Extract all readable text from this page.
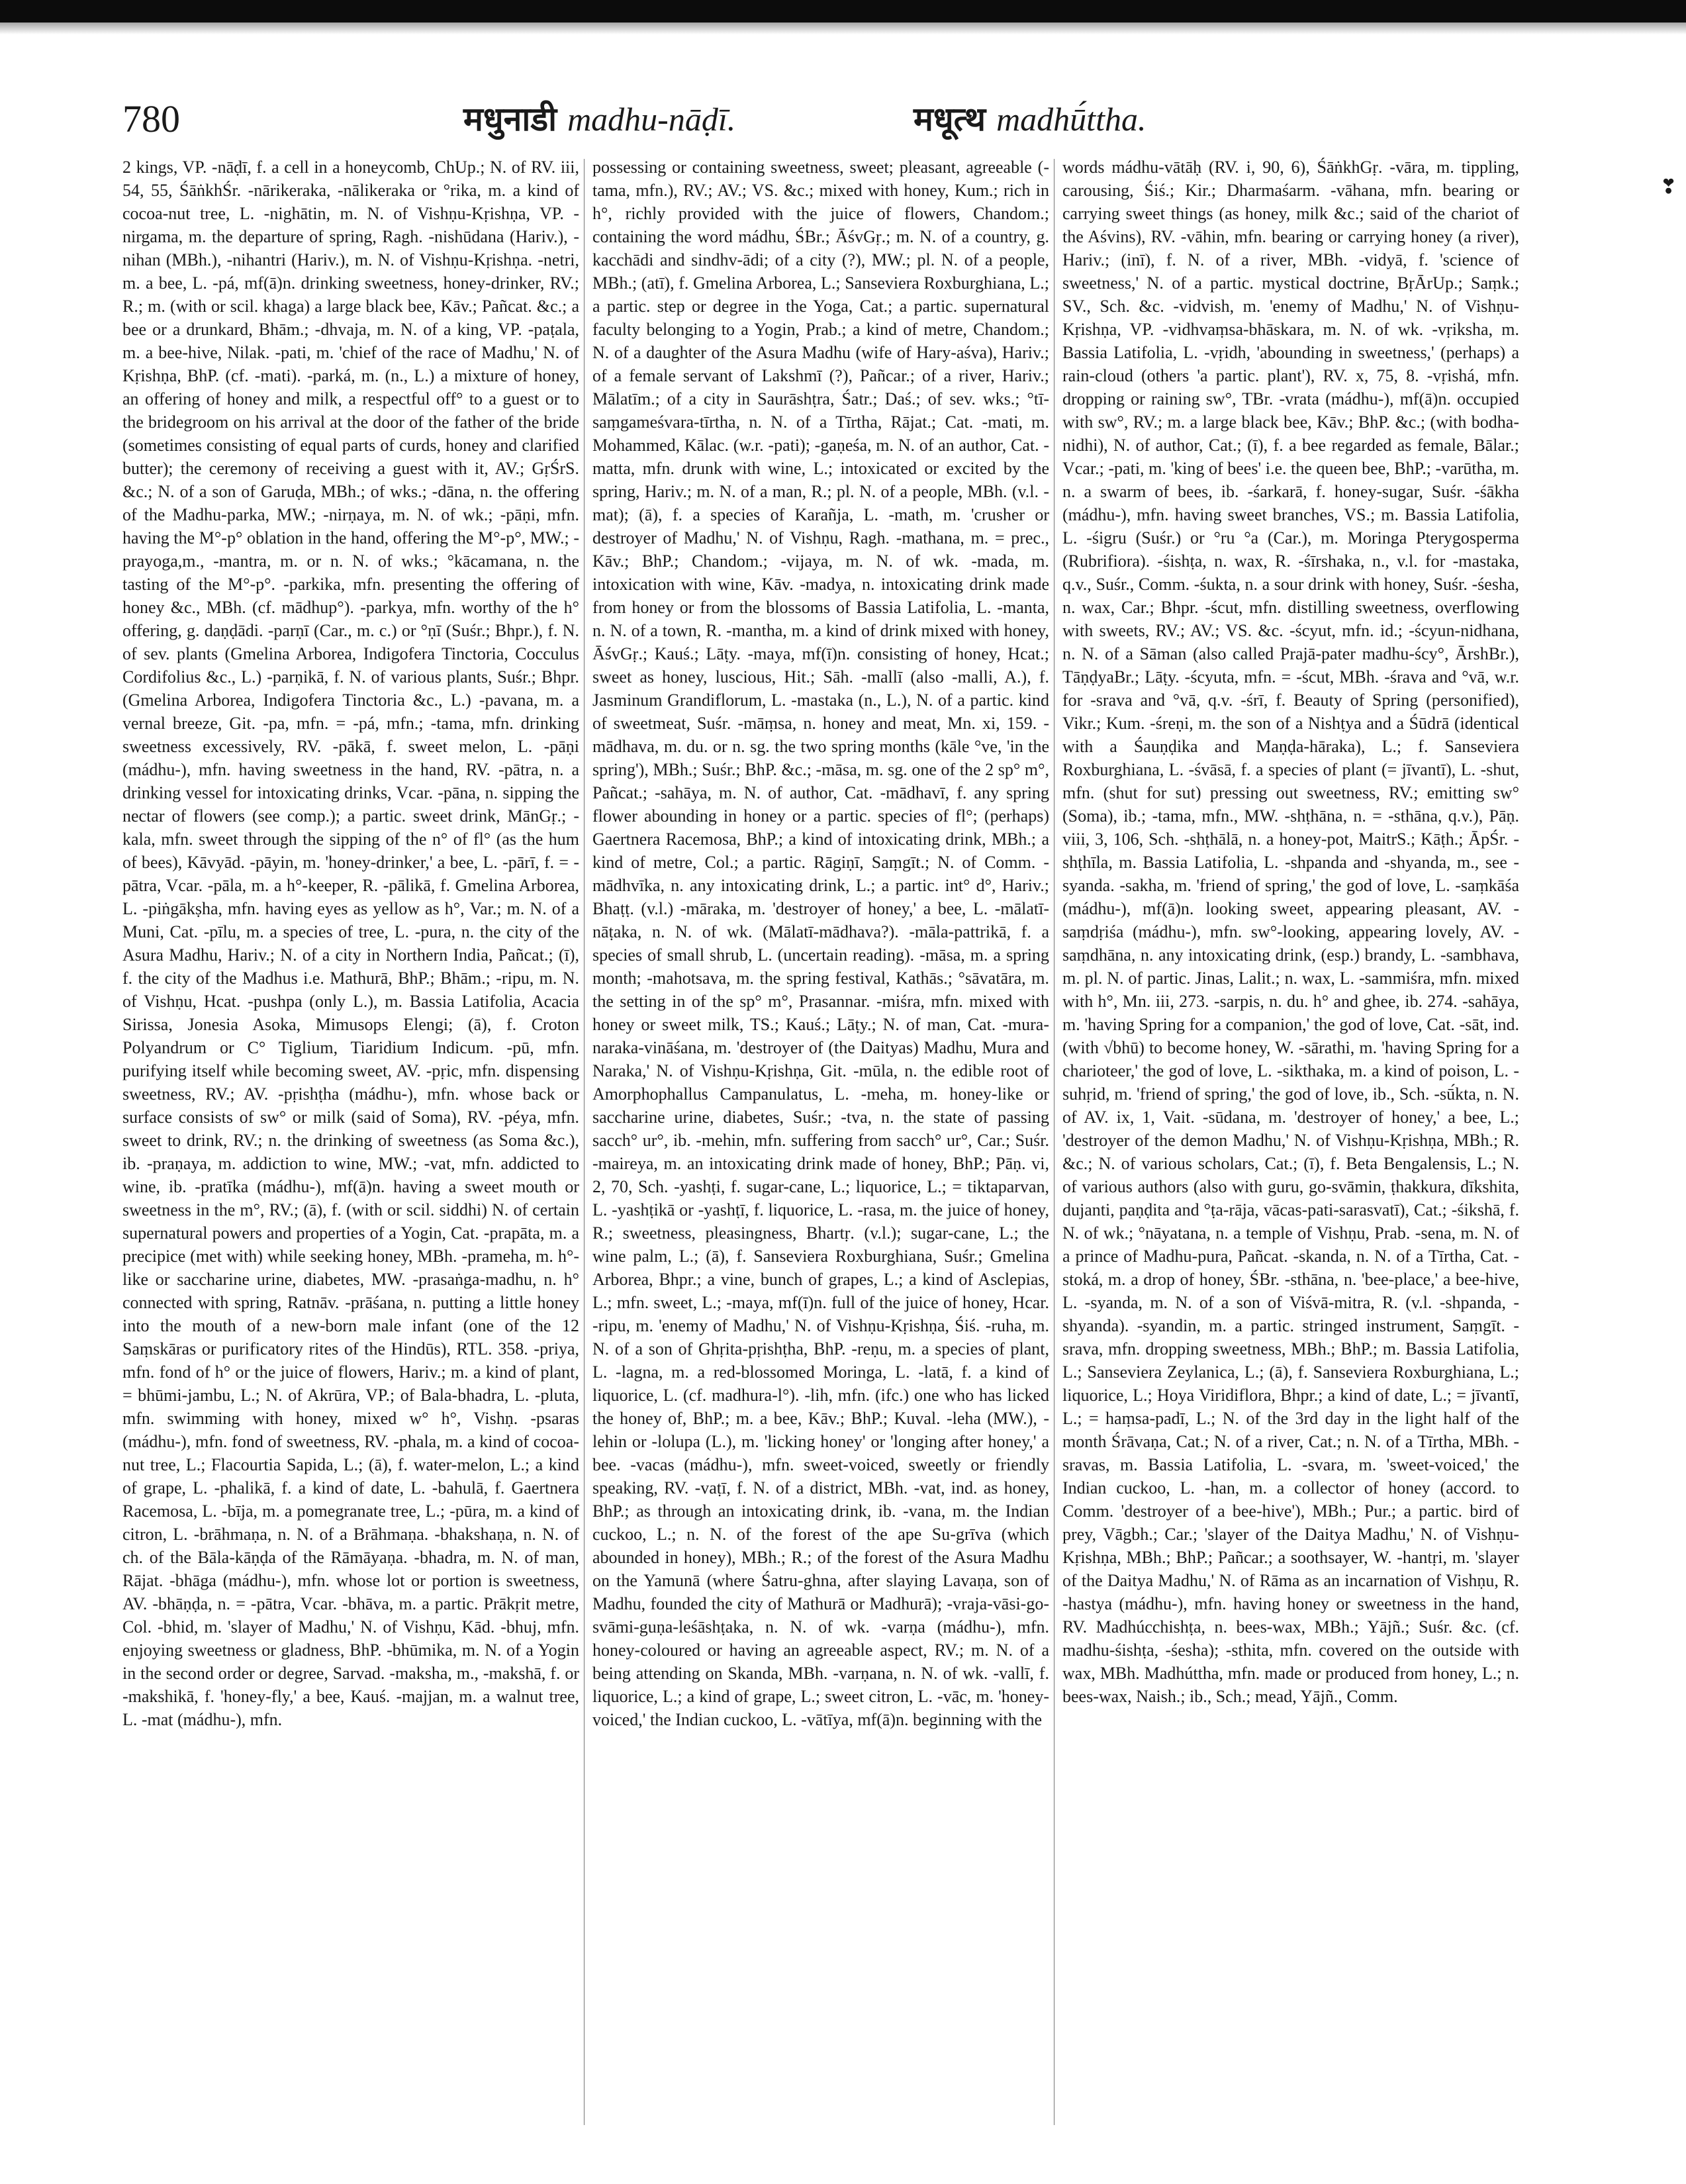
780	मधुनाडी madhu-nāḍī.	मधूत्थ madhū́ttha.
❣

2 kings, VP. -nāḍī, f. a cell in a honeycomb, ChUp.; N. of RV. iii, 54, 55, ŚāṅkhŚr. -nārikeraka, -nālikeraka or °rika, m. a kind of cocoa-nut tree, L. -nighātin, m. N. of Vishṇu-Kṛishṇa, VP. -nirgama, m. the departure of spring, Ragh. -nishūdana (Hariv.), -nihan (MBh.), -nihantri (Hariv.), m. N. of Vishṇu-Kṛishṇa. -netri, m. a bee, L. -pá, mf(ā)n. drinking sweetness, honey-drinker, RV.; R.; m. (with or scil. khaga) a large black bee, Kāv.; Pañcat. &c.; a bee or a drunkard, Bhām.; -dhvaja, m. N. of a king, VP. -paṭala, m. a bee-hive, Nilak. -pati, m. 'chief of the race of Madhu,' N. of Kṛishṇa, BhP. (cf. -mati). -parká, m. (n., L.) a mixture of honey, an offering of honey and milk, a respectful off° to a guest or to the bridegroom on his arrival at the door of the father of the bride (sometimes consisting of equal parts of curds, honey and clarified butter); the ceremony of receiving a guest with it, AV.; GṛŚrS. &c.; N. of a son of Garuḍa, MBh.; of wks.; -dāna, n. the offering of the Madhu-parka, MW.; -nirṇaya, m. N. of wk.; -pāṇi, mfn. having the M°-p° oblation in the hand, offering the M°-p°, MW.; -prayoga,m., -mantra, m. or n. N. of wks.; °kācamana, n. the tasting of the M°-p°. -parkika, mfn. presenting the offering of honey &c., MBh. (cf. mādhup°). -parkya, mfn. worthy of the h° offering, g. daṇḍādi. -parṇī (Car., m. c.) or °ṇī (Suśr.; Bhpr.), f. N. of sev. plants (Gmelina Arborea, Indigofera Tinctoria, Cocculus Cordifolius &c., L.) -parṇikā, f. N. of various plants, Suśr.; Bhpr. (Gmelina Arborea, Indigofera Tinctoria &c., L.) -pavana, m. a vernal breeze, Git. -pa, mfn. = -pá, mfn.; -tama, mfn. drinking sweetness excessively, RV. -pākā, f. sweet melon, L. -pāṇi (mádhu-), mfn. having sweetness in the hand, RV. -pātra, n. a drinking vessel for intoxicating drinks, Vcar. -pāna, n. sipping the nectar of flowers (see comp.); a partic. sweet drink, MānGṛ.; -kala, mfn. sweet through the sipping of the n° of fl° (as the hum of bees), Kāvyād. -pāyin, m. 'honey-drinker,' a bee, L. -pārī, f. = -pātra, Vcar. -pāla, m. a h°-keeper, R. -pālikā, f. Gmelina Arborea, L. -piṅgākṣha, mfn. having eyes as yellow as h°, Var.; m. N. of a Muni, Cat. -pīlu, m. a species of tree, L. -pura, n. the city of the Asura Madhu, Hariv.; N. of a city in Northern India, Pañcat.; (ī), f. the city of the Madhus i.e. Mathurā, BhP.; Bhām.; -ripu, m. N. of Vishṇu, Hcat. -pushpa (only L.), m. Bassia Latifolia, Acacia Sirissa, Jonesia Asoka, Mimusops Elengi; (ā), f. Croton Polyandrum or C° Tiglium, Tiaridium Indicum. -pū, mfn. purifying itself while becoming sweet, AV. -pṛic, mfn. dispensing sweetness, RV.; AV. -pṛishṭha (mádhu-), mfn. whose back or surface consists of sw° or milk (said of Soma), RV. -péya, mfn. sweet to drink, RV.; n. the drinking of sweetness (as Soma &c.), ib. -praṇaya, m. addiction to wine, MW.; -vat, mfn. addicted to wine, ib. -pratīka (mádhu-), mf(ā)n. having a sweet mouth or sweetness in the m°, RV.; (ā), f. (with or scil. siddhi) N. of certain supernatural powers and properties of a Yogin, Cat. -prapāta, m. a precipice (met with) while seeking honey, MBh. -prameha, m. h°-like or saccharine urine, diabetes, MW. -prasaṅga-madhu, n. h° connected with spring, Ratnāv. -prāśana, n. putting a little honey into the mouth of a new-born male infant (one of the 12 Saṃskāras or purificatory rites of the Hindūs), RTL. 358. -priya, mfn. fond of h° or the juice of flowers, Hariv.; m. a kind of plant, = bhūmi-jambu, L.; N. of Akrūra, VP.; of Bala-bhadra, L. -pluta, mfn. swimming with honey, mixed w° h°, Vishṇ. -psaras (mádhu-), mfn. fond of sweetness, RV. -phala, m. a kind of cocoa-nut tree, L.; Flacourtia Sapida, L.; (ā), f. water-melon, L.; a kind of grape, L. -phalikā, f. a kind of date, L. -bahulā, f. Gaertnera Racemosa, L. -bīja, m. a pomegranate tree, L.; -pūra, m. a kind of citron, L. -brāhmaṇa, n. N. of a Brāhmaṇa. -bhakshaṇa, n. N. of ch. of the Bāla-kāṇḍa of the Rāmāyaṇa. -bhadra, m. N. of man, Rājat. -bhāga (mádhu-), mfn. whose lot or portion is sweetness, AV. -bhāṇḍa, n. = -pātra, Vcar. -bhāva, m. a partic. Prākṛit metre, Col. -bhid, m. 'slayer of Madhu,' N. of Vishṇu, Kād. -bhuj, mfn. enjoying sweetness or gladness, BhP. -bhūmika, m. N. of a Yogin in the second order or degree, Sarvad. -maksha, m., -makshā, f. or -makshikā, f. 'honey-fly,' a bee, Kauś. -majjan, m. a walnut tree, L. -mat (mádhu-), mfn.

possessing or containing sweetness, sweet; pleasant, agreeable (-tama, mfn.), RV.; AV.; VS. &c.; mixed with honey, Kum.; rich in h°, richly provided with the juice of flowers, Chandom.; containing the word mádhu, ŚBr.; ĀśvGṛ.; m. N. of a country, g. kacchādi and sindhv-ādi; of a city (?), MW.; pl. N. of a people, MBh.; (atī), f. Gmelina Arborea, L.; Sanseviera Roxburghiana, L.; a partic. step or degree in the Yoga, Cat.; a partic. supernatural faculty belonging to a Yogin, Prab.; a kind of metre, Chandom.; N. of a daughter of the Asura Madhu (wife of Hary-aśva), Hariv.; of a female servant of Lakshmī (?), Pañcar.; of a river, Hariv.; Mālatīm.; of a city in Saurāshṭra, Śatr.; Daś.; of sev. wks.; °tī-saṃgameśvara-tīrtha, n. N. of a Tīrtha, Rājat.; Cat. -mati, m. Mohammed, Kālac. (w.r. -pati); -gaṇeśa, m. N. of an author, Cat. -matta, mfn. drunk with wine, L.; intoxicated or excited by the spring, Hariv.; m. N. of a man, R.; pl. N. of a people, MBh. (v.l. -mat); (ā), f. a species of Karañja, L. -math, m. 'crusher or destroyer of Madhu,' N. of Vishṇu, Ragh. -mathana, m. = prec., Kāv.; BhP.; Chandom.; -vijaya, m. N. of wk. -mada, m. intoxication with wine, Kāv. -madya, n. intoxicating drink made from honey or from the blossoms of Bassia Latifolia, L. -manta, n. N. of a town, R. -mantha, m. a kind of drink mixed with honey, ĀśvGṛ.; Kauś.; Lāṭy. -maya, mf(ī)n. consisting of honey, Hcat.; sweet as honey, luscious, Hit.; Sāh. -mallī (also -malli, A.), f. Jasminum Grandiflorum, L. -mastaka (n., L.), N. of a partic. kind of sweetmeat, Suśr. -māṃsa, n. honey and meat, Mn. xi, 159. -mādhava, m. du. or n. sg. the two spring months (kāle °ve, 'in the spring'), MBh.; Suśr.; BhP. &c.; -māsa, m. sg. one of the 2 sp° m°, Pañcat.; -sahāya, m. N. of author, Cat. -mādhavī, f. any spring flower abounding in honey or a partic. species of fl°; (perhaps) Gaertnera Racemosa, BhP.; a kind of intoxicating drink, MBh.; a kind of metre, Col.; a partic. Rāgiṇī, Saṃgīt.; N. of Comm. -mādhvīka, n. any intoxicating drink, L.; a partic. int° d°, Hariv.; Bhaṭṭ. (v.l.) -māraka, m. 'destroyer of honey,' a bee, L. -mālatī-nāṭaka, n. N. of wk. (Mālatī-mādhava?). -māla-pattrikā, f. a species of small shrub, L. (uncertain reading). -māsa, m. a spring month; -mahotsava, m. the spring festival, Kathās.; °sāvatāra, m. the setting in of the sp° m°, Prasannar. -miśra, mfn. mixed with honey or sweet milk, TS.; Kauś.; Lāṭy.; N. of man, Cat. -mura-naraka-vināśana, m. 'destroyer of (the Daityas) Madhu, Mura and Naraka,' N. of Vishṇu-Kṛishṇa, Git. -mūla, n. the edible root of Amorphophallus Campanulatus, L. -meha, m. honey-like or saccharine urine, diabetes, Suśr.; -tva, n. the state of passing sacch° ur°, ib. -mehin, mfn. suffering from sacch° ur°, Car.; Suśr. -maireya, m. an intoxicating drink made of honey, BhP.; Pāṇ. vi, 2, 70, Sch. -yashṭi, f. sugar-cane, L.; liquorice, L.; = tiktaparvan, L. -yashṭikā or -yashṭī, f. liquorice, L. -rasa, m. the juice of honey, R.; sweetness, pleasingness, Bhartṛ. (v.l.); sugar-cane, L.; the wine palm, L.; (ā), f. Sanseviera Roxburghiana, Suśr.; Gmelina Arborea, Bhpr.; a vine, bunch of grapes, L.; a kind of Asclepias, L.; mfn. sweet, L.; -maya, mf(ī)n. full of the juice of honey, Hcar. -ripu, m. 'enemy of Madhu,' N. of Vishṇu-Kṛishṇa, Śiś. -ruha, m. N. of a son of Ghṛita-pṛishṭha, BhP. -reṇu, m. a species of plant, L. -lagna, m. a red-blossomed Moringa, L. -latā, f. a kind of liquorice, L. (cf. madhura-l°). -lih, mfn. (ifc.) one who has licked the honey of, BhP.; m. a bee, Kāv.; BhP.; Kuval. -leha (MW.), -lehin or -lolupa (L.), m. 'licking honey' or 'longing after honey,' a bee. -vacas (mádhu-), mfn. sweet-voiced, sweetly or friendly speaking, RV. -vaṭī, f. N. of a district, MBh. -vat, ind. as honey, BhP.; as through an intoxicating drink, ib. -vana, m. the Indian cuckoo, L.; n. N. of the forest of the ape Su-grīva (which abounded in honey), MBh.; R.; of the forest of the Asura Madhu on the Yamunā (where Śatru-ghna, after slaying Lavaṇa, son of Madhu, founded the city of Mathurā or Madhurā); -vraja-vāsi-go-svāmi-guṇa-leśāshṭaka, n. N. of wk. -varṇa (mádhu-), mfn. honey-coloured or having an agreeable aspect, RV.; m. N. of a being attending on Skanda, MBh. -varṇana, n. N. of wk. -vallī, f. liquorice, L.; a kind of grape, L.; sweet citron, L. -vāc, m. 'honey-voiced,' the Indian cuckoo, L. -vātīya, mf(ā)n. beginning with the

words mádhu-vātāḥ (RV. i, 90, 6), ŚāṅkhGṛ. -vāra, m. tippling, carousing, Śiś.; Kir.; Dharmaśarm. -vāhana, mfn. bearing or carrying sweet things (as honey, milk &c.; said of the chariot of the Aśvins), RV. -vāhin, mfn. bearing or carrying honey (a river), Hariv.; (inī), f. N. of a river, MBh. -vidyā, f. 'science of sweetness,' N. of a partic. mystical doctrine, BṛĀrUp.; Saṃk.; SV., Sch. &c. -vidvish, m. 'enemy of Madhu,' N. of Vishṇu-Kṛishṇa, VP. -vidhvaṃsa-bhāskara, m. N. of wk. -vṛiksha, m. Bassia Latifolia, L. -vṛidh, 'abounding in sweetness,' (perhaps) a rain-cloud (others 'a partic. plant'), RV. x, 75, 8. -vṛishá, mfn. dropping or raining sw°, TBr. -vrata (mádhu-), mf(ā)n. occupied with sw°, RV.; m. a large black bee, Kāv.; BhP. &c.; (with bodha-nidhi), N. of author, Cat.; (ī), f. a bee regarded as female, Bālar.; Vcar.; -pati, m. 'king of bees' i.e. the queen bee, BhP.; -varūtha, m. n. a swarm of bees, ib. -śarkarā, f. honey-sugar, Suśr. -śākha (mádhu-), mfn. having sweet branches, VS.; m. Bassia Latifolia, L. -śigru (Suśr.) or °ru °a (Car.), m. Moringa Pterygosperma (Rubrifiora). -śishṭa, n. wax, R. -śīrshaka, n., v.l. for -mastaka, q.v., Suśr., Comm. -śukta, n. a sour drink with honey, Suśr. -śesha, n. wax, Car.; Bhpr. -ścut, mfn. distilling sweetness, overflowing with sweets, RV.; AV.; VS. &c. -ścyut, mfn. id.; -ścyun-nidhana, n. N. of a Sāman (also called Prajā-pater madhu-ścy°, ĀrshBr.), TāṇḍyaBr.; Lāṭy. -ścyuta, mfn. = -ścut, MBh. -śrava and °vā, w.r. for -srava and °vā, q.v. -śrī, f. Beauty of Spring (personified), Vikr.; Kum. -śreṇi, m. the son of a Nishṭya and a Śūdrā (identical with a Śauṇḍika and Maṇḍa-hāraka), L.; f. Sanseviera Roxburghiana, L. -śvāsā, f. a species of plant (= jīvantī), L. -shut, mfn. (shut for sut) pressing out sweetness, RV.; emitting sw° (Soma), ib.; -tama, mfn., MW. -shṭhāna, n. = -sthāna, q.v.), Pāṇ. viii, 3, 106, Sch. -shṭhālā, n. a honey-pot, MaitrS.; Kāṭh.; ĀpŚr. -shṭhīla, m. Bassia Latifolia, L. -shpanda and -shyanda, m., see -syanda. -sakha, m. 'friend of spring,' the god of love, L. -saṃkāśa (mádhu-), mf(ā)n. looking sweet, appearing pleasant, AV. -saṃdṛiśa (mádhu-), mfn. sw°-looking, appearing lovely, AV. -saṃdhāna, n. any intoxicating drink, (esp.) brandy, L. -sambhava, m. pl. N. of partic. Jinas, Lalit.; n. wax, L. -sammiśra, mfn. mixed with h°, Mn. iii, 273. -sarpis, n. du. h° and ghee, ib. 274. -sahāya, m. 'having Spring for a companion,' the god of love, Cat. -sāt, ind. (with √bhū) to become honey, W. -sārathi, m. 'having Spring for a charioteer,' the god of love, L. -sikthaka, m. a kind of poison, L. -suhṛid, m. 'friend of spring,' the god of love, ib., Sch. -sū́kta, n. N. of AV. ix, 1, Vait. -sūdana, m. 'destroyer of honey,' a bee, L.; 'destroyer of the demon Madhu,' N. of Vishṇu-Kṛishṇa, MBh.; R. &c.; N. of various scholars, Cat.; (ī), f. Beta Bengalensis, L.; N. of various authors (also with guru, go-svāmin, ṭhakkura, dīkshita, dujanti, paṇḍita and °ṭa-rāja, vācas-pati-sarasvatī), Cat.; -śikshā, f. N. of wk.; °nāyatana, n. a temple of Vishṇu, Prab. -sena, m. N. of a prince of Madhu-pura, Pañcat. -skanda, n. N. of a Tīrtha, Cat. -stoká, m. a drop of honey, ŚBr. -sthāna, n. 'bee-place,' a bee-hive, L. -syanda, m. N. of a son of Viśvā-mitra, R. (v.l. -shpanda, -shyanda). -syandin, m. a partic. stringed instrument, Saṃgīt. -srava, mfn. dropping sweetness, MBh.; BhP.; m. Bassia Latifolia, L.; Sanseviera Zeylanica, L.; (ā), f. Sanseviera Roxburghiana, L.; liquorice, L.; Hoya Viridiflora, Bhpr.; a kind of date, L.; = jīvantī, L.; = haṃsa-padī, L.; N. of the 3rd day in the light half of the month Śrāvaṇa, Cat.; N. of a river, Cat.; n. N. of a Tīrtha, MBh. -sravas, m. Bassia Latifolia, L. -svara, m. 'sweet-voiced,' the Indian cuckoo, L. -han, m. a collector of honey (accord. to Comm. 'destroyer of a bee-hive'), MBh.; Pur.; a partic. bird of prey, Vāgbh.; Car.; 'slayer of the Daitya Madhu,' N. of Vishṇu-Kṛishṇa, MBh.; BhP.; Pañcar.; a soothsayer, W. -hantṛi, m. 'slayer of the Daitya Madhu,' N. of Rāma as an incarnation of Vishṇu, R. -hastya (mádhu-), mfn. having honey or sweetness in the hand, RV. Madhúcchishṭa, n. bees-wax, MBh.; Yājñ.; Suśr. &c. (cf. madhu-śishṭa, -śesha); -sthita, mfn. covered on the outside with wax, MBh. Madhúttha, mfn. made or produced from honey, L.; n. bees-wax, Naish.; ib., Sch.; mead, Yājñ., Comm.
